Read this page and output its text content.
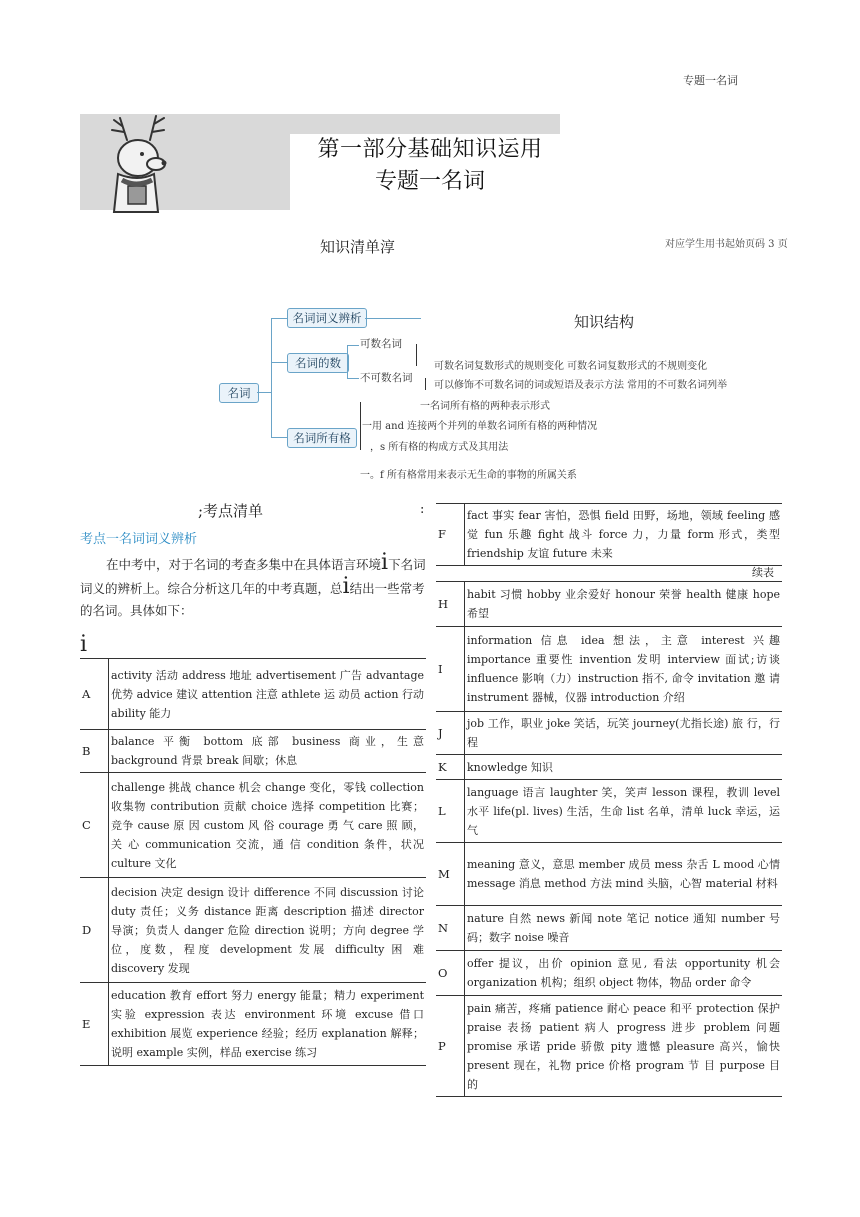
专题一名词
第一部分基础知识运用
专题一名词
知识清单淳	对应学生用书起始页码 3 页
知识结构
名词
名词词义辨析
名词的数
名词所有格
可数名词
不可数名词
可数名词复数形式的规则变化 可数名词复数形式的不规则变化
可以修饰不可数名词的词或短语及表示方法 常用的不可数名词列举
一名词所有格的两种表示形式
一用 and 连接两个并列的单数名词所有格的两种情况
，s 所有格的构成方式及其用法
一。f 所有格常用来表示无生命的事物的所属关系
;考点清单	:
考点一名词词义辨析
在中考中，对于名词的考查多集中在具体语言环境i下名词词义的辨析上。综合分析这几年的中考真题，总i结出一些常考的名词。具体如下：
i
A	activity 活动 address 地址 advertisement 广告 advantage 优势 advice 建议 attention 注意 athlete 运 动员 action 行动 ability 能力
B	balance 平衡 bottom 底部 business 商业，生意 background 背景 break 间歇；休息
C	challenge 挑战 chance 机会 change 变化，零钱 collection 收集物 contribution 贡献 choice 选择 competition 比赛；竞争 cause 原 因 custom 风 俗 courage 勇 气 care 照 顾， 关 心 communication 交流，通 信 condition 条件，状况 culture 文化
D	decision 决定 design 设计 difference 不同 discussion 讨论 duty 责任；义务 distance 距离 description 描述 director 导演；负责人 danger 危险 direction 说明；方向 degree 学位，度数，程度 development 发展 difficulty 困 难 discovery 发现
E	education 教育 effort 努力 energy 能量；精力 experiment 实验 expression 表达 environment 环境 excuse 借口 exhibition 展览 experience 经验；经历 explanation 解释；说明 example 实例，样品 exercise 练习
F	fact 事实 fear 害怕，恐惧 field 田野，场地，领域 feeling 感觉 fun 乐趣 fight 战斗 force 力，力量 form 形式，类型 friendship 友谊 future 未来
续表
H	habit 习惯 hobby 业余爱好 honour 荣誉 health 健康 hope 希望
I	information 信息 idea 想法，主意 interest 兴趣 importance 重要性 invention 发明 interview 面试;访谈 influence 影响（力）instruction 指不, 命令 invitation 邀 请 instrument 器械，仪器 introduction 介绍
J	job 工作，职业 joke 笑话，玩笑 journey(尤指长途) 旅 行，行程
K	knowledge 知识
L	language 语言 laughter 笑，笑声 lesson 课程，教训 level 水平 life(pl. lives) 生活，生命 list 名单，清单 luck 幸运，运气
M	meaning 意义，意思 member 成员 mess 杂舌 L mood 心情 message 消息 method 方法 mind 头脑，心智 material 材料
N	nature 自然 news 新闻 note 笔记 notice 通知 number 号码；数字 noise 噪音
O	offer 提议，出价 opinion 意见, 看法 opportunity 机会 organization 机构；组织 object 物体，物品 order 命令
P	pain 痛苦，疼痛 patience 耐心 peace 和平 protection 保护 praise 表扬 patient 病人 progress 进步 problem 问题 promise 承诺 pride 骄傲 pity 遗憾 pleasure 高兴，愉快 present 现在，礼物 price 价格 program 节 目 purpose 目 的
